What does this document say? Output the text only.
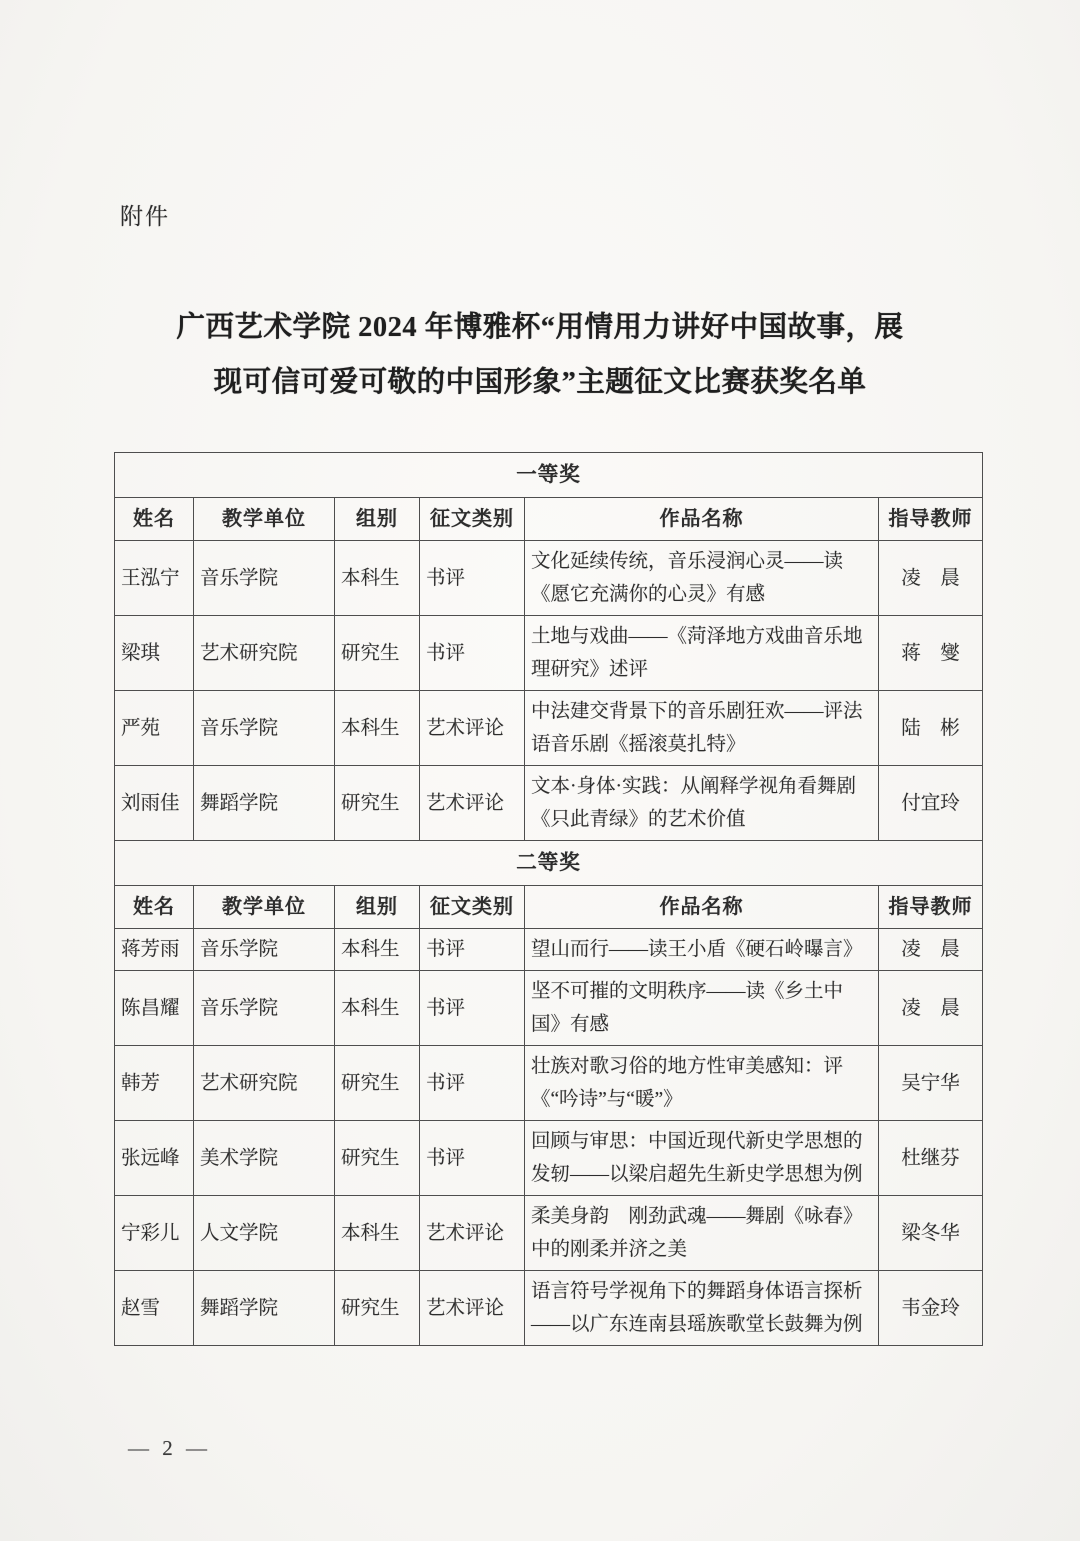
附件
广西艺术学院 2024 年博雅杯“用情用力讲好中国故事，展
现可信可爱可敬的中国形象”主题征文比赛获奖名单
一等奖					
姓名	教学单位	组别	征文类别	作品名称	指导教师
王泓宁	音乐学院	本科生	书评	文化延续传统，音乐浸润心灵——读《愿它充满你的心灵》有感	凌　晨
梁琪	艺术研究院	研究生	书评	土地与戏曲——《菏泽地方戏曲音乐地理研究》述评	蒋　燮
严苑	音乐学院	本科生	艺术评论	中法建交背景下的音乐剧狂欢——评法语音乐剧《摇滚莫扎特》	陆　彬
刘雨佳	舞蹈学院	研究生	艺术评论	文本·身体·实践：从阐释学视角看舞剧《只此青绿》的艺术价值	付宜玲
二等奖					
姓名	教学单位	组别	征文类别	作品名称	指导教师
蒋芳雨	音乐学院	本科生	书评	望山而行——读王小盾《硬石岭曝言》	凌　晨
陈昌耀	音乐学院	本科生	书评	坚不可摧的文明秩序——读《乡土中国》有感	凌　晨
韩芳	艺术研究院	研究生	书评	壮族对歌习俗的地方性审美感知：评《“吟诗”与“暖”》	吴宁华
张远峰	美术学院	研究生	书评	回顾与审思：中国近现代新史学思想的发轫——以梁启超先生新史学思想为例	杜继芬
宁彩儿	人文学院	本科生	艺术评论	柔美身韵　刚劲武魂——舞剧《咏春》中的刚柔并济之美	梁冬华
赵雪	舞蹈学院	研究生	艺术评论	语言符号学视角下的舞蹈身体语言探析——以广东连南县瑶族歌堂长鼓舞为例	韦金玲
— 2 —
